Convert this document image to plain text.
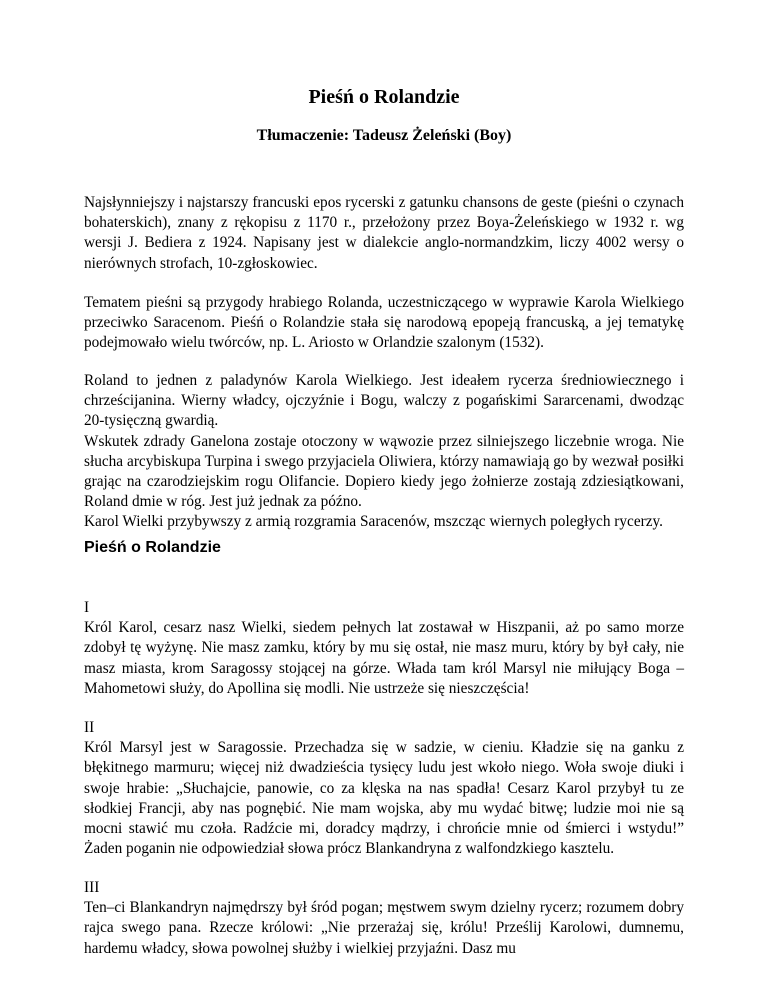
Pieśń o Rolandzie
Tłumaczenie: Tadeusz Żeleński (Boy)

Najsłynniejszy i najstarszy francuski epos rycerski z gatunku chansons de geste (pieśni o czynach bohaterskich), znany z rękopisu z 1170 r., przełożony przez Boya-Żeleńskiego w 1932 r. wg wersji J. Bediera z 1924. Napisany jest w dialekcie anglo-normandzkim, liczy 4002 wersy o nierównych strofach, 10-zgłoskowiec.

Tematem pieśni są przygody hrabiego Rolanda, uczestniczącego w wyprawie Karola Wielkiego przeciwko Saracenom. Pieśń o Rolandzie stała się narodową epopeją francuską, a jej tematykę podejmowało wielu twórców, np. L. Ariosto w Orlandzie szalonym (1532).

Roland to jednen z paladynów Karola Wielkiego. Jest ideałem rycerza średniowiecznego i chrześcijanina. Wierny władcy, ojczyźnie i Bogu, walczy z pogańskimi Sararcenami, dwodząc 20-tysięczną gwardią.
Wskutek zdrady Ganelona zostaje otoczony w wąwozie przez silniejszego liczebnie wroga. Nie słucha arcybiskupa Turpina i swego przyjaciela Oliwiera, którzy namawiają go by wezwał posiłki grając na czarodziejskim rogu Olifancie. Dopiero kiedy jego żołnierze zostają zdziesiątkowani, Roland dmie w róg. Jest już jednak za późno.
Karol Wielki przybywszy z armią rozgramia Saracenów, mszcząc wiernych poległych rycerzy.
Pieśń o Rolandzie
I
Król Karol, cesarz nasz Wielki, siedem pełnych lat zostawał w Hiszpanii, aż po samo morze zdobył tę wyżynę. Nie masz zamku, który by mu się ostał, nie masz muru, który by był cały, nie masz miasta, krom Saragossy stojącej na górze. Włada tam król Marsyl nie miłujący Boga – Mahometowi służy, do Apollina się modli. Nie ustrzeże się nieszczęścia!
II
Król Marsyl jest w Saragossie. Przechadza się w sadzie, w cieniu. Kładzie się na ganku z błękitnego marmuru; więcej niż dwadzieścia tysięcy ludu jest wkoło niego. Woła swoje diuki i swoje hrabie: „Słuchajcie, panowie, co za klęska na nas spadła! Cesarz Karol przybył tu ze słodkiej Francji, aby nas pognębić. Nie mam wojska, aby mu wydać bitwę; ludzie moi nie są mocni stawić mu czoła. Radźcie mi, doradcy mądrzy, i chrońcie mnie od śmierci i wstydu!” Żaden poganin nie odpowiedział słowa prócz Blankandryna z walfondzkiego kasztelu.
III
Ten–ci Blankandryn najmędrszy był śród pogan; męstwem swym dzielny rycerz; rozumem dobry rajca swego pana. Rzecze królowi: „Nie przerażaj się, królu! Prześlij Karolowi, dumnemu, hardemu władcy, słowa powolnej służby i wielkiej przyjaźni. Dasz mu
